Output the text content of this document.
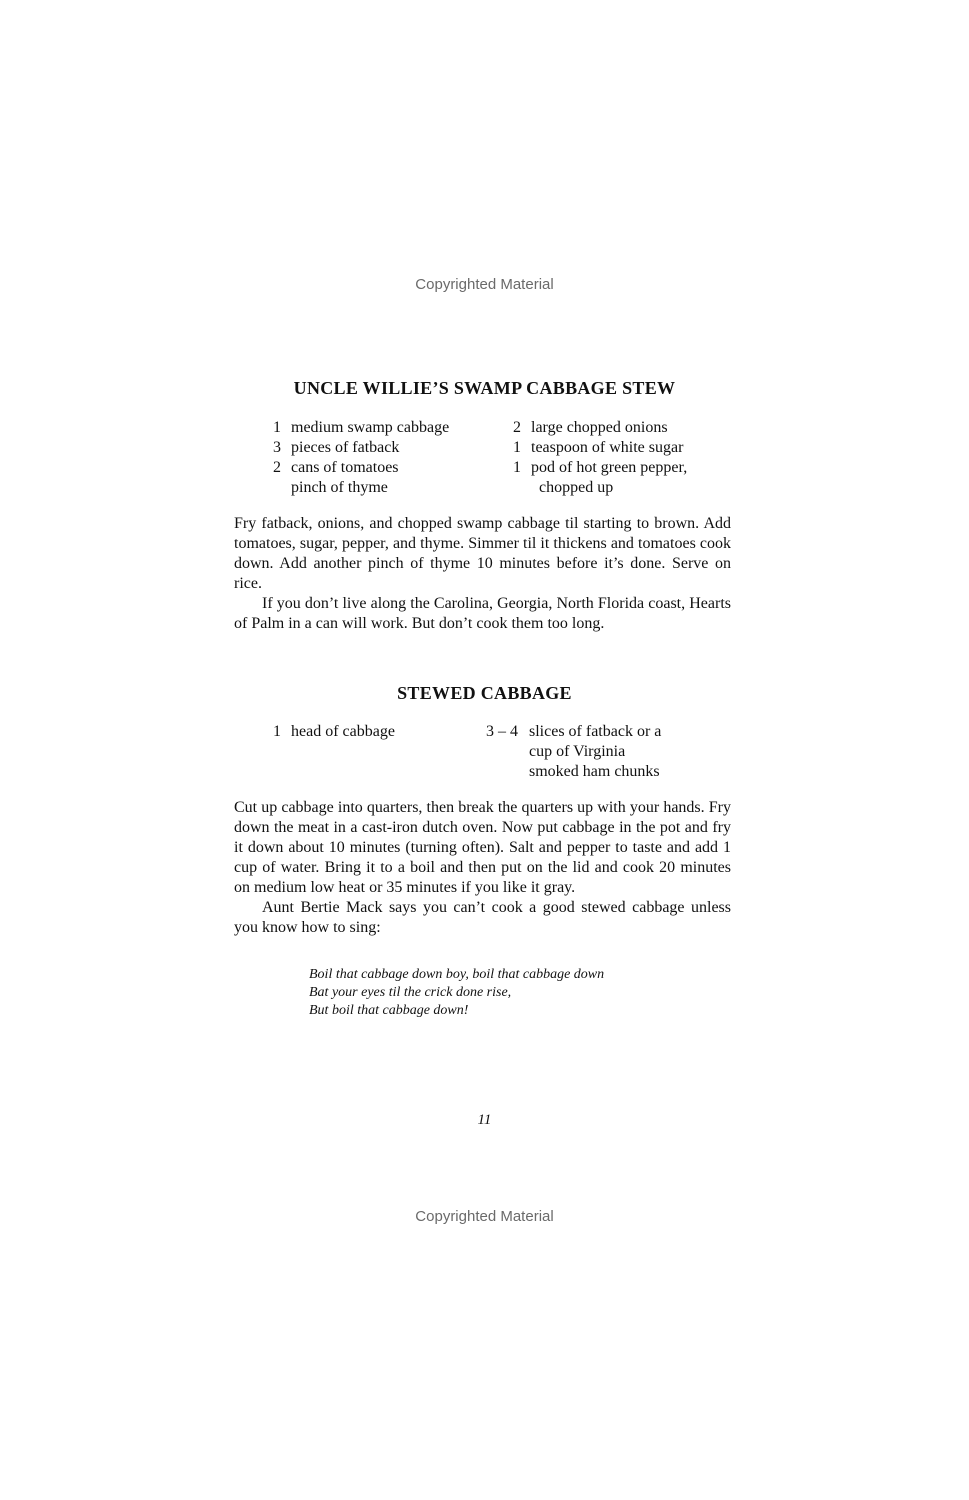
Copyrighted Material
UNCLE WILLIE’S SWAMP CABBAGE STEW
1 medium swamp cabbage
3 pieces of fatback
2 cans of tomatoes
pinch of thyme
2 large chopped onions
1 teaspoon of white sugar
1 pod of hot green pepper,
chopped up

Fry fatback, onions, and chopped swamp cabbage til starting to brown. Add tomatoes, sugar, pepper, and thyme. Simmer til it thickens and tomatoes cook down. Add another pinch of thyme 10 minutes before it’s done. Serve on rice.

If you don’t live along the Carolina, Georgia, North Florida coast, Hearts of Palm in a can will work. But don’t cook them too long.

STEWED CABBAGE
1 head of cabbage	3 – 4 slices of fatback or a
cup of Virginia
smoked ham chunks

Cut up cabbage into quarters, then break the quarters up with your hands. Fry down the meat in a cast-iron dutch oven. Now put cabbage in the pot and fry it down about 10 minutes (turning often). Salt and pepper to taste and add 1 cup of water. Bring it to a boil and then put on the lid and cook 20 minutes on medium low heat or 35 minutes if you like it gray.

Aunt Bertie Mack says you can’t cook a good stewed cabbage unless you know how to sing:

Boil that cabbage down boy, boil that cabbage down
Bat your eyes til the crick done rise,
But boil that cabbage down!
11
Copyrighted Material
